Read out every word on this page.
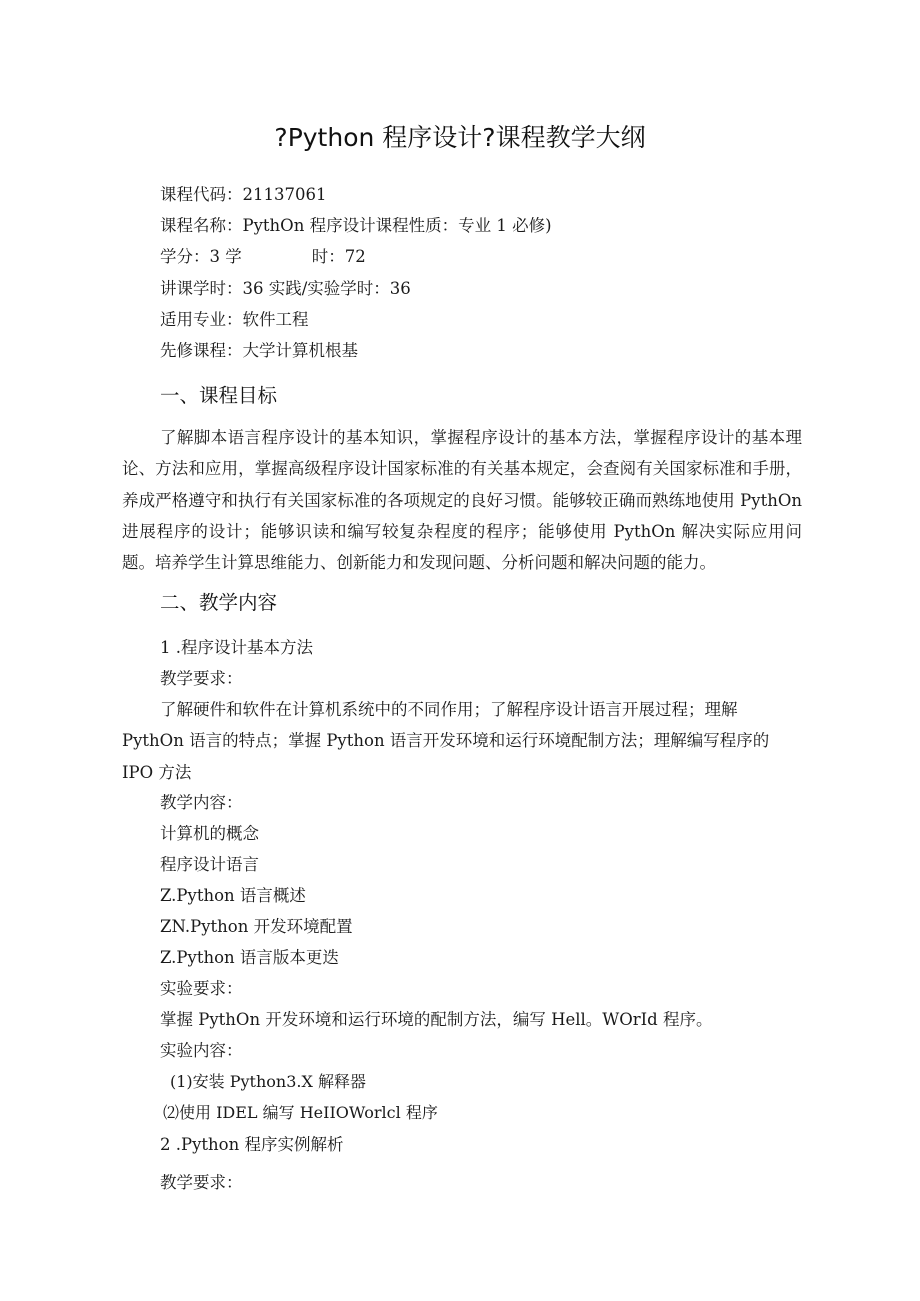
?Python 程序设计?课程教学大纲
课程代码：21137061
课程名称：PythOn 程序设计课程性质：专业 1 必修)
学分：3 学	时：72
讲课学时：36 实践/实验学时：36
适用专业：软件工程
先修课程：大学计算机根基
一、课程目标
了解脚本语言程序设计的基本知识，掌握程序设计的基本方法，掌握程序设计的基本理论、方法和应用，掌握高级程序设计国家标准的有关基本规定，会查阅有关国家标准和手册，养成严格遵守和执行有关国家标准的各项规定的良好习惯。能够较正确而熟练地使用 PythOn 进展程序的设计；能够识读和编写较复杂程度的程序；能够使用 PythOn 解决实际应用问题。培养学生计算思维能力、创新能力和发现问题、分析问题和解决问题的能力。
二、教学内容
1 .程序设计基本方法
教学要求：
了解硬件和软件在计算机系统中的不同作用；了解程序设计语言开展过程；理解 PythOn 语言的特点；掌握 Python 语言开发环境和运行环境配制方法；理解编写程序的 IPO 方法
教学内容：
计算机的概念
程序设计语言
Z.Python 语言概述
ZN.Python 开发环境配置
Z.Python 语言版本更迭
实验要求：
掌握 PythOn 开发环境和运行环境的配制方法，编写 Hell。WOrId 程序。
实验内容：
(1)安装 Python3.X 解释器
⑵使用 IDEL 编写 HeIIOWorlcl 程序
2 .Python 程序实例解析
教学要求：
